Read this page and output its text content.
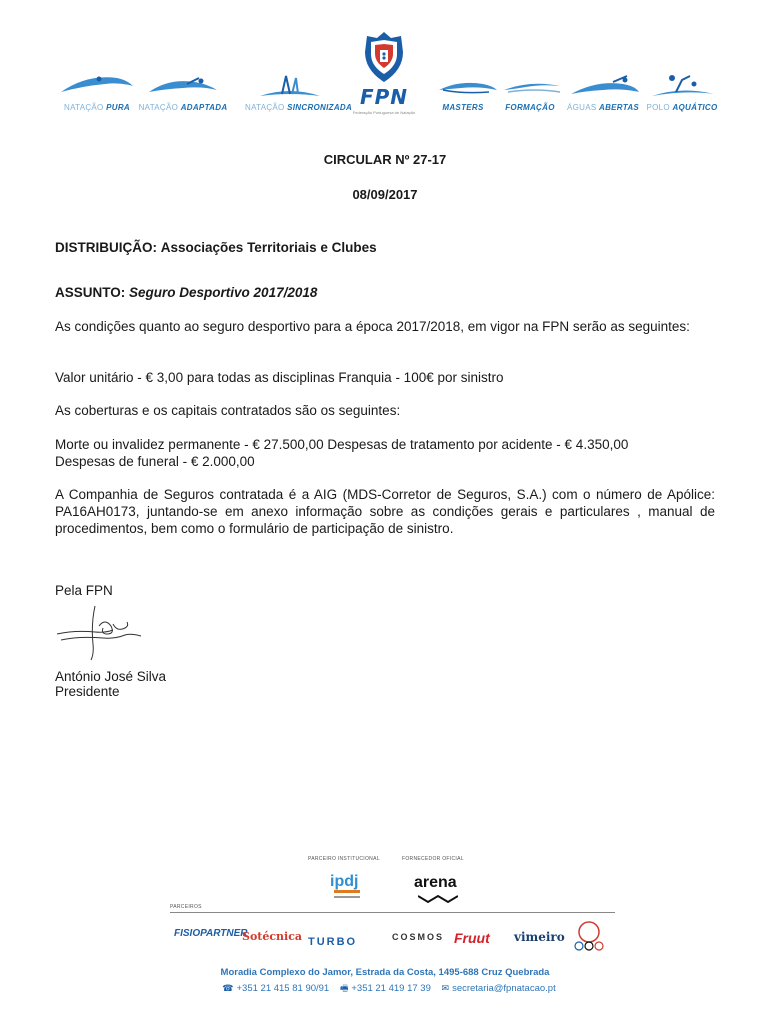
NATAÇÃO PURA	NATAÇÃO ADAPTADA NATAÇÃO SINCRONIZADA FPN
Federação Portuguesa de Natação
MASTERS	FORMAÇÃO	ÁGUAS ABERTAS POLO AQUÁTICO
CIRCULAR Nº 27-17
08/09/2017
DISTRIBUIÇÃO: Associações Territoriais e Clubes
ASSUNTO: Seguro Desportivo 2017/2018
As condições quanto ao seguro desportivo para a época 2017/2018, em vigor na FPN serão as seguintes:
Valor unitário - € 3,00 para todas as disciplinas Franquia - 100€ por sinistro
As coberturas e os capitais contratados são os seguintes:
Morte ou invalidez permanente - € 27.500,00 Despesas de tratamento por acidente - € 4.350,00
Despesas de funeral - € 2.000,00
A Companhia de Seguros contratada é a AIG (MDS-Corretor de Seguros, S.A.) com o número de Apólice: PA16AH0173, juntando-se em anexo informação sobre as condições gerais e particulares , manual de procedimentos, bem como o formulário de participação de sinistro.
Pela FPN
António José Silva
Presidente
PARCEIRO INSTITUCIONAL	FORNECEDOR OFICIAL
ipdj	arena
PARCEIROS
FISIOPARTNER
Sotécnica TURBO	COSMOS Fruut vimeiro
Moradia Complexo do Jamor, Estrada da Costa, 1495-688 Cruz Quebrada
☎ +351 21 415 81 90/91 🖷 +351 21 419 17 39 ✉ secretaria@fpnatacao.pt
